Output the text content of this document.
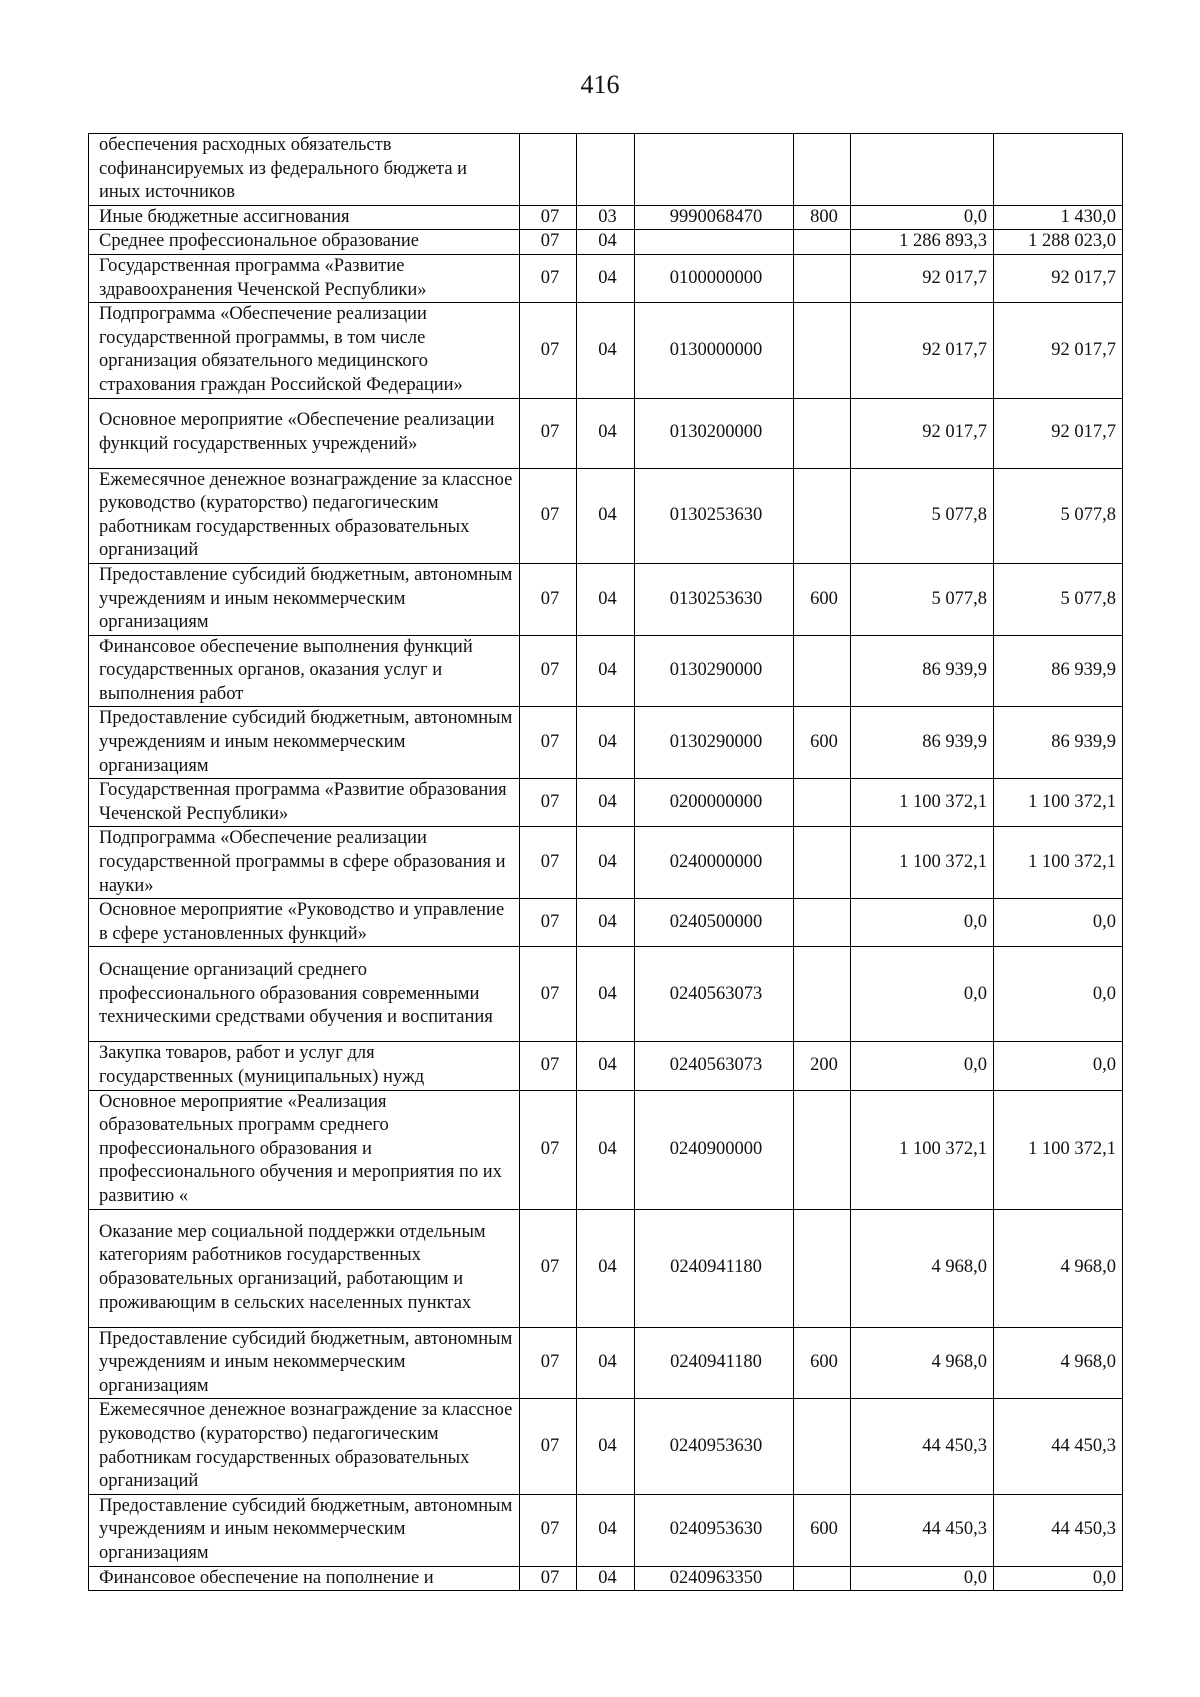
416
обеспечения расходных обязательств софинансируемых из федерального бюджета и иных источников						
Иные бюджетные ассигнования	07	03	9990068470	800	0,0	1 430,0
Среднее профессиональное образование	07	04			1 286 893,3	1 288 023,0
Государственная программа «Развитие здравоохранения Чеченской Республики»	07	04	0100000000		92 017,7	92 017,7
Подпрограмма «Обеспечение реализации государственной программы, в том числе организация обязательного медицинского страхования граждан Российской Федерации»	07	04	0130000000		92 017,7	92 017,7
Основное мероприятие «Обеспечение реализации функций государственных учреждений»	07	04	0130200000		92 017,7	92 017,7
Ежемесячное денежное вознаграждение за классное руководство (кураторство) педагогическим работникам государственных образовательных организаций	07	04	0130253630		5 077,8	5 077,8
Предоставление субсидий бюджетным, автономным учреждениям и иным некоммерческим организациям	07	04	0130253630	600	5 077,8	5 077,8
Финансовое обеспечение выполнения функций государственных органов, оказания услуг и выполнения работ	07	04	0130290000		86 939,9	86 939,9
Предоставление субсидий бюджетным, автономным учреждениям и иным некоммерческим организациям	07	04	0130290000	600	86 939,9	86 939,9
Государственная программа «Развитие образования Чеченской Республики»	07	04	0200000000		1 100 372,1	1 100 372,1
Подпрограмма «Обеспечение реализации государственной программы в сфере образования и науки»	07	04	0240000000		1 100 372,1	1 100 372,1
Основное мероприятие «Руководство и управление в сфере установленных функций»	07	04	0240500000		0,0	0,0
Оснащение организаций среднего профессионального образования современными техническими средствами обучения и воспитания	07	04	0240563073		0,0	0,0
Закупка товаров, работ и услуг для государственных (муниципальных) нужд	07	04	0240563073	200	0,0	0,0
Основное мероприятие «Реализация образовательных программ среднего профессионального образования и профессионального обучения и мероприятия по их развитию «	07	04	0240900000		1 100 372,1	1 100 372,1
Оказание мер социальной поддержки отдельным категориям работников государственных образовательных организаций, работающим и проживающим в сельских населенных пунктах	07	04	0240941180		4 968,0	4 968,0
Предоставление субсидий бюджетным, автономным учреждениям и иным некоммерческим организациям	07	04	0240941180	600	4 968,0	4 968,0
Ежемесячное денежное вознаграждение за классное руководство (кураторство) педагогическим работникам государственных образовательных организаций	07	04	0240953630		44 450,3	44 450,3
Предоставление субсидий бюджетным, автономным учреждениям и иным некоммерческим организациям	07	04	0240953630	600	44 450,3	44 450,3
Финансовое обеспечение на пополнение и	07	04	0240963350		0,0	0,0
